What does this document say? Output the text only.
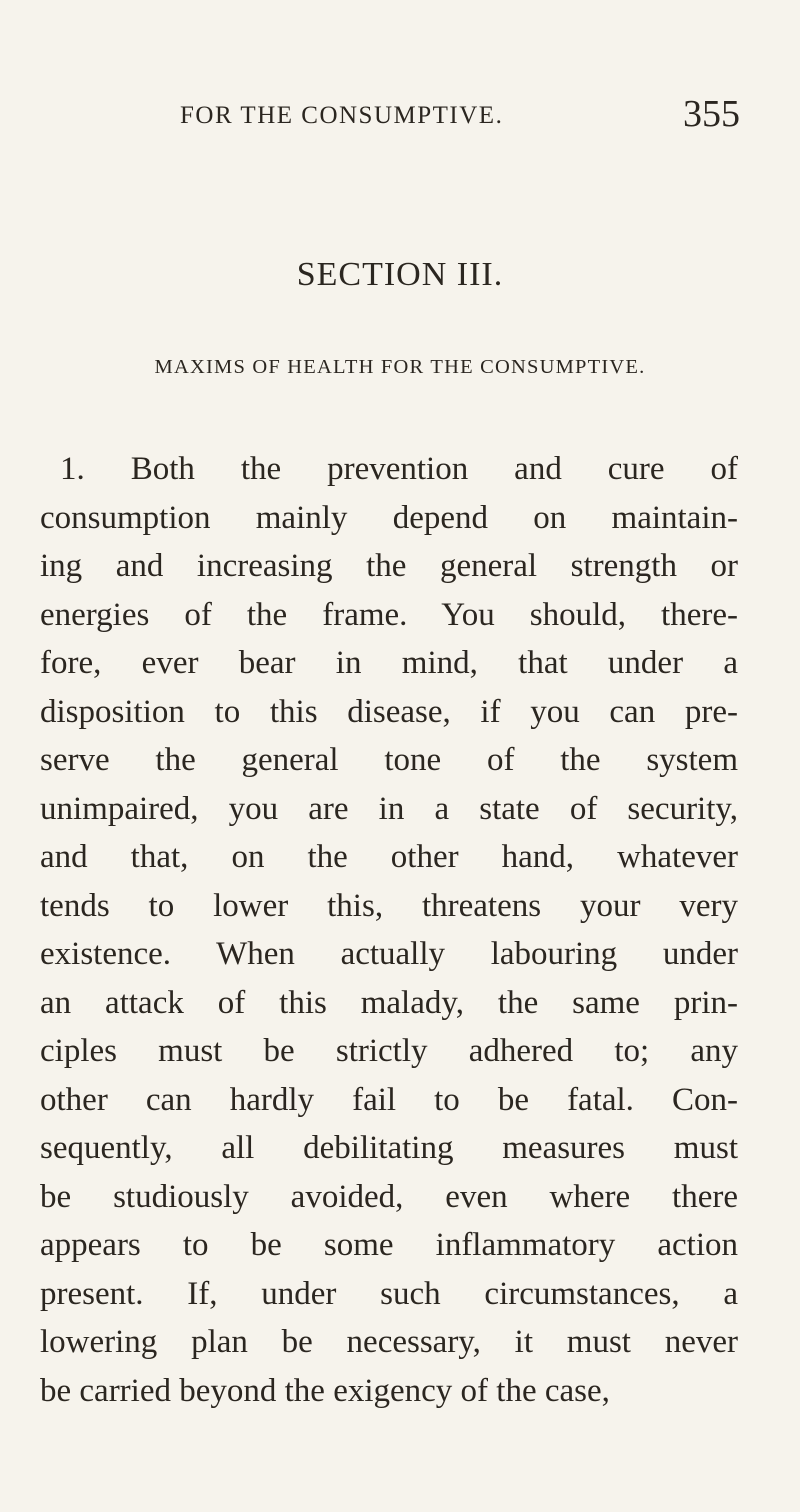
FOR THE CONSUMPTIVE.	355
SECTION III.
MAXIMS OF HEALTH FOR THE CONSUMPTIVE.
1. Both the prevention and cure of
consumption mainly depend on maintain-
ing and increasing the general strength or
energies of the frame. You should, there-
fore, ever bear in mind, that under a
disposition to this disease, if you can pre-
serve the general tone of the system
unimpaired, you are in a state of security,
and that, on the other hand, whatever
tends to lower this, threatens your very
existence. When actually labouring under
an attack of this malady, the same prin-
ciples must be strictly adhered to; any
other can hardly fail to be fatal. Con-
sequently, all debilitating measures must
be studiously avoided, even where there
appears to be some inflammatory action
present. If, under such circumstances, a
lowering plan be necessary, it must never
be carried beyond the exigency of the case,
